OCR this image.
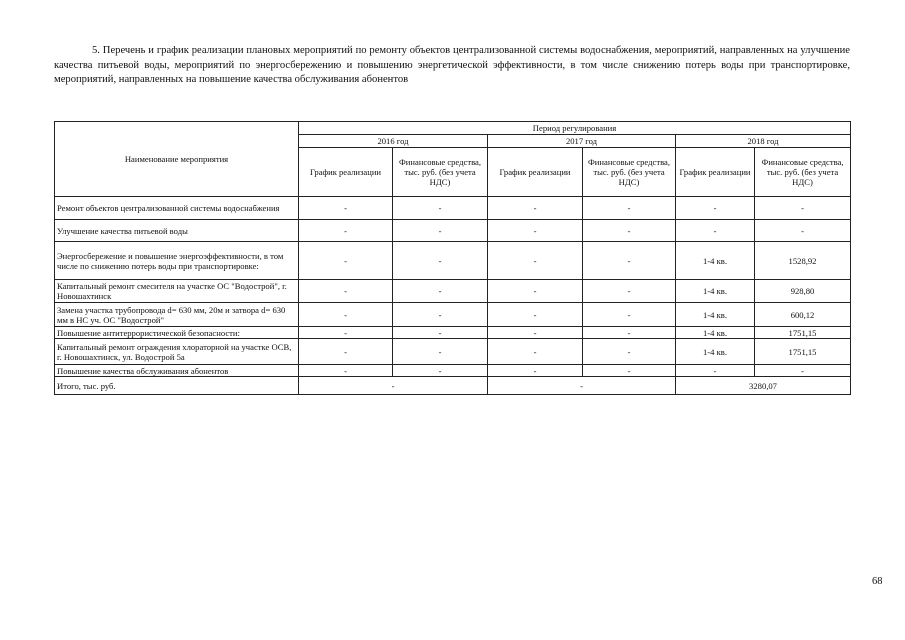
5. Перечень и график реализации плановых мероприятий по ремонту объектов централизованной системы водоснабжения, мероприятий, направленных на улучшение качества питьевой воды, мероприятий по энергосбережению и повышению энергетической эффективности, в том числе снижению потерь воды при транспортировке, мероприятий, направленных на повышение качества обслуживания абонентов
Наименование мероприятия	Период регулирования					
	2016 год		2017 год		2018 год	
	График реализации	Финансовые средства, тыс. руб. (без учета НДС)	График реализации	Финансовые средства, тыс. руб. (без учета НДС)	График реализации	Финансовые средства, тыс. руб. (без учета НДС)
Ремонт объектов централизованной системы водоснабжения	-	-	-	-	-	-
Улучшение качества питьевой воды	-	-	-	-	-	-
Энергосбережение и повышение энергоэффективности, в том числе по снижению потерь воды при транспортировке:	-	-	-	-	1-4 кв.	1528,92
Капитальный ремонт смесителя на участке ОС "Водострой", г. Новошахтинск	-	-	-	-	1-4 кв.	928,80
Замена участка трубопровода d= 630 мм, 20м и затвора d= 630 мм в НС уч. ОС "Водострой"	-	-	-	-	1-4 кв.	600,12
Повышение антитеррористической безопасности:	-	-	-	-	1-4 кв.	1751,15
Капитальный ремонт ограждения хлораторной на участке ОСВ, г. Новошахтинск, ул. Водострой 5а	-	-	-	-	1-4 кв.	1751,15
Повышение качества обслуживания абонентов	-	-	-	-	-	-
Итого, тыс. руб.	-		-		3280,07	
68
